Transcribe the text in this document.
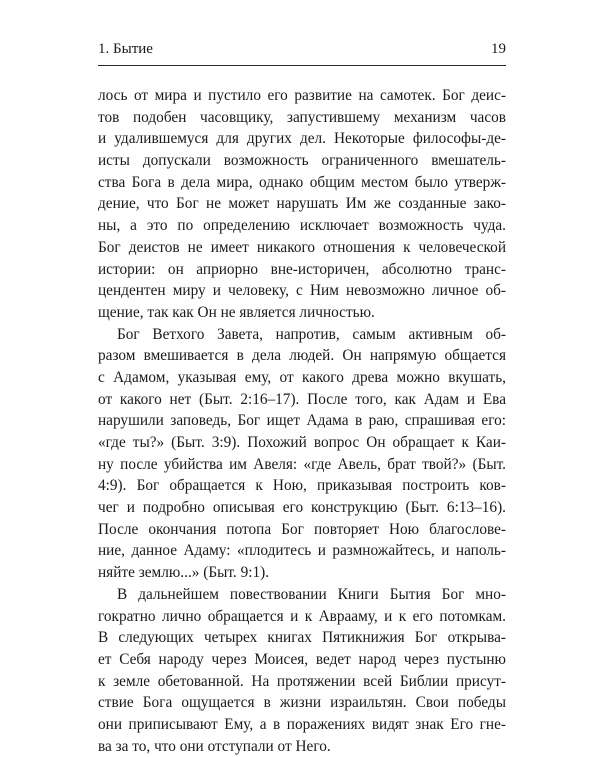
1. Бытие	19
лось от мира и пустило его развитие на самотек. Бог деис-
тов подобен часовщику, запустившему механизм часов
и удалившемуся для других дел. Некоторые философы-де-
исты допускали возможность ограниченного вмешатель-
ства Бога в дела мира, однако общим местом было утверж-
дение, что Бог не может нарушать Им же созданные зако-
ны, а это по определению исключает возможность чуда.
Бог деистов не имеет никакого отношения к человеческой
истории: он априорно вне-историчен, абсолютно транс-
цендентен миру и человеку, с Ним невозможно личное об-
щение, так как Он не является личностью.
Бог Ветхого Завета, напротив, самым активным об-
разом вмешивается в дела людей. Он напрямую общается
с Адамом, указывая ему, от какого древа можно вкушать,
от какого нет (Быт. 2:16–17). После того, как Адам и Ева
нарушили заповедь, Бог ищет Адама в раю, спрашивая его:
«где ты?» (Быт. 3:9). Похожий вопрос Он обращает к Каи-
ну после убийства им Авеля: «где Авель, брат твой?» (Быт.
4:9). Бог обращается к Ною, приказывая построить ков-
чег и подробно описывая его конструкцию (Быт. 6:13–16).
После окончания потопа Бог повторяет Ною благослове-
ние, данное Адаму: «плодитесь и размножайтесь, и наполь-
няйте землю...» (Быт. 9:1).
В дальнейшем повествовании Книги Бытия Бог мно-
гократно лично обращается и к Аврааму, и к его потомкам.
В следующих четырех книгах Пятикнижия Бог открыва-
ет Себя народу через Моисея, ведет народ через пустыню
к земле обетованной. На протяжении всей Библии присут-
ствие Бога ощущается в жизни израильтян. Свои победы
они приписывают Ему, а в поражениях видят знак Его гне-
ва за то, что они отступали от Него.
